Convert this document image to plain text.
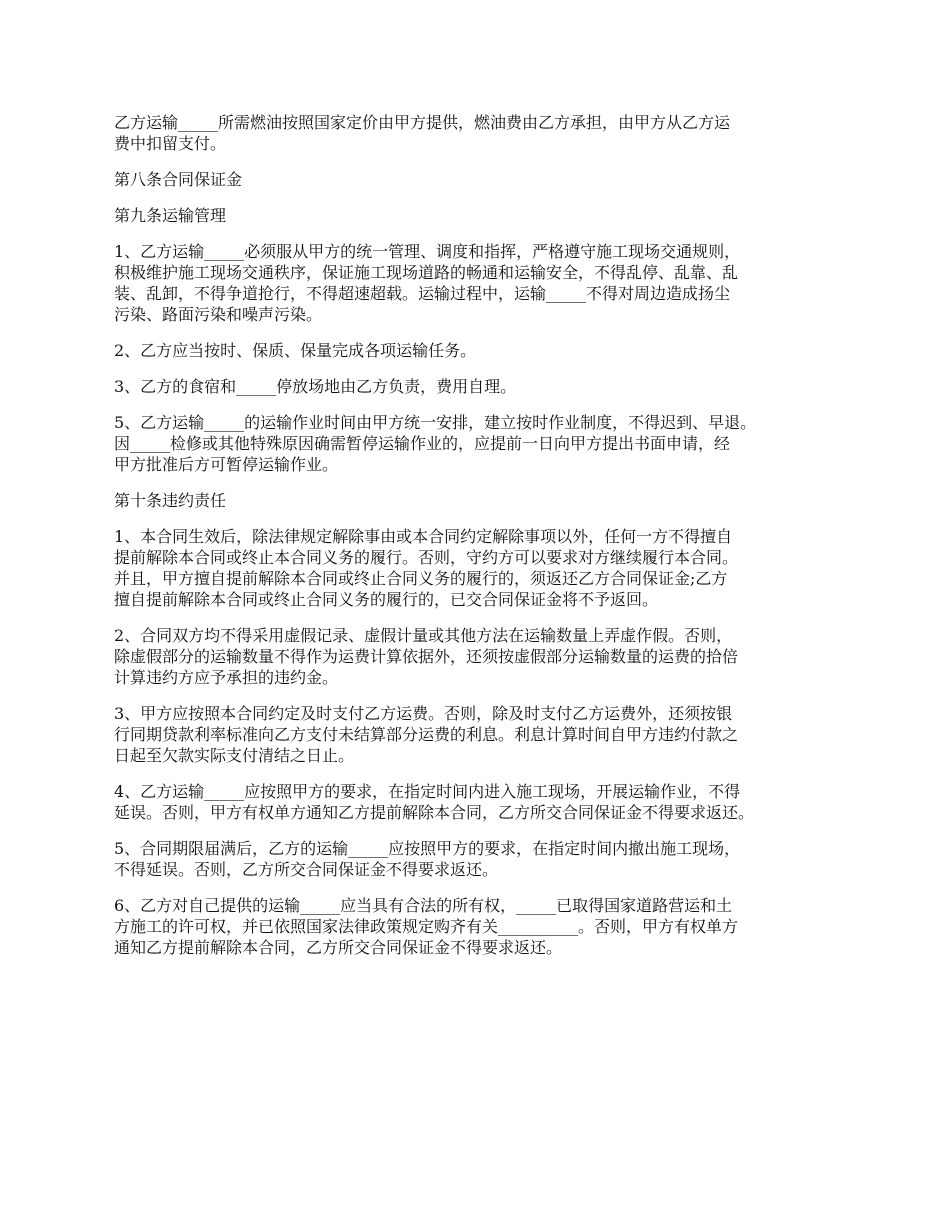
乙方运输_____所需燃油按照国家定价由甲方提供，燃油费由乙方承担，由甲方从乙方运
费中扣留支付。

第八条合同保证金

第九条运输管理

1、乙方运输_____必须服从甲方的统一管理、调度和指挥，严格遵守施工现场交通规则，
积极维护施工现场交通秩序，保证施工现场道路的畅通和运输安全，不得乱停、乱靠、乱
装、乱卸，不得争道抢行，不得超速超载。运输过程中，运输_____不得对周边造成扬尘
污染、路面污染和噪声污染。

2、乙方应当按时、保质、保量完成各项运输任务。

3、乙方的食宿和_____停放场地由乙方负责，费用自理。

5、乙方运输_____的运输作业时间由甲方统一安排，建立按时作业制度，不得迟到、早退。
因_____检修或其他特殊原因确需暂停运输作业的，应提前一日向甲方提出书面申请，经
甲方批准后方可暂停运输作业。

第十条违约责任

1、本合同生效后，除法律规定解除事由或本合同约定解除事项以外，任何一方不得擅自
提前解除本合同或终止本合同义务的履行。否则，守约方可以要求对方继续履行本合同。
并且，甲方擅自提前解除本合同或终止合同义务的履行的，须返还乙方合同保证金;乙方
擅自提前解除本合同或终止合同义务的履行的，已交合同保证金将不予返回。

2、合同双方均不得采用虚假记录、虚假计量或其他方法在运输数量上弄虚作假。否则，
除虚假部分的运输数量不得作为运费计算依据外，还须按虚假部分运输数量的运费的拾倍
计算违约方应予承担的违约金。

3、甲方应按照本合同约定及时支付乙方运费。否则，除及时支付乙方运费外，还须按银
行同期贷款利率标准向乙方支付未结算部分运费的利息。利息计算时间自甲方违约付款之
日起至欠款实际支付清结之日止。

4、乙方运输_____应按照甲方的要求，在指定时间内进入施工现场，开展运输作业，不得
延误。否则，甲方有权单方通知乙方提前解除本合同，乙方所交合同保证金不得要求返还。

5、合同期限届满后，乙方的运输_____应按照甲方的要求，在指定时间内撤出施工现场，
不得延误。否则，乙方所交合同保证金不得要求返还。

6、乙方对自己提供的运输_____应当具有合法的所有权，_____已取得国家道路营运和土
方施工的许可权，并已依照国家法律政策规定购齐有关__________。否则，甲方有权单方
通知乙方提前解除本合同，乙方所交合同保证金不得要求返还。
